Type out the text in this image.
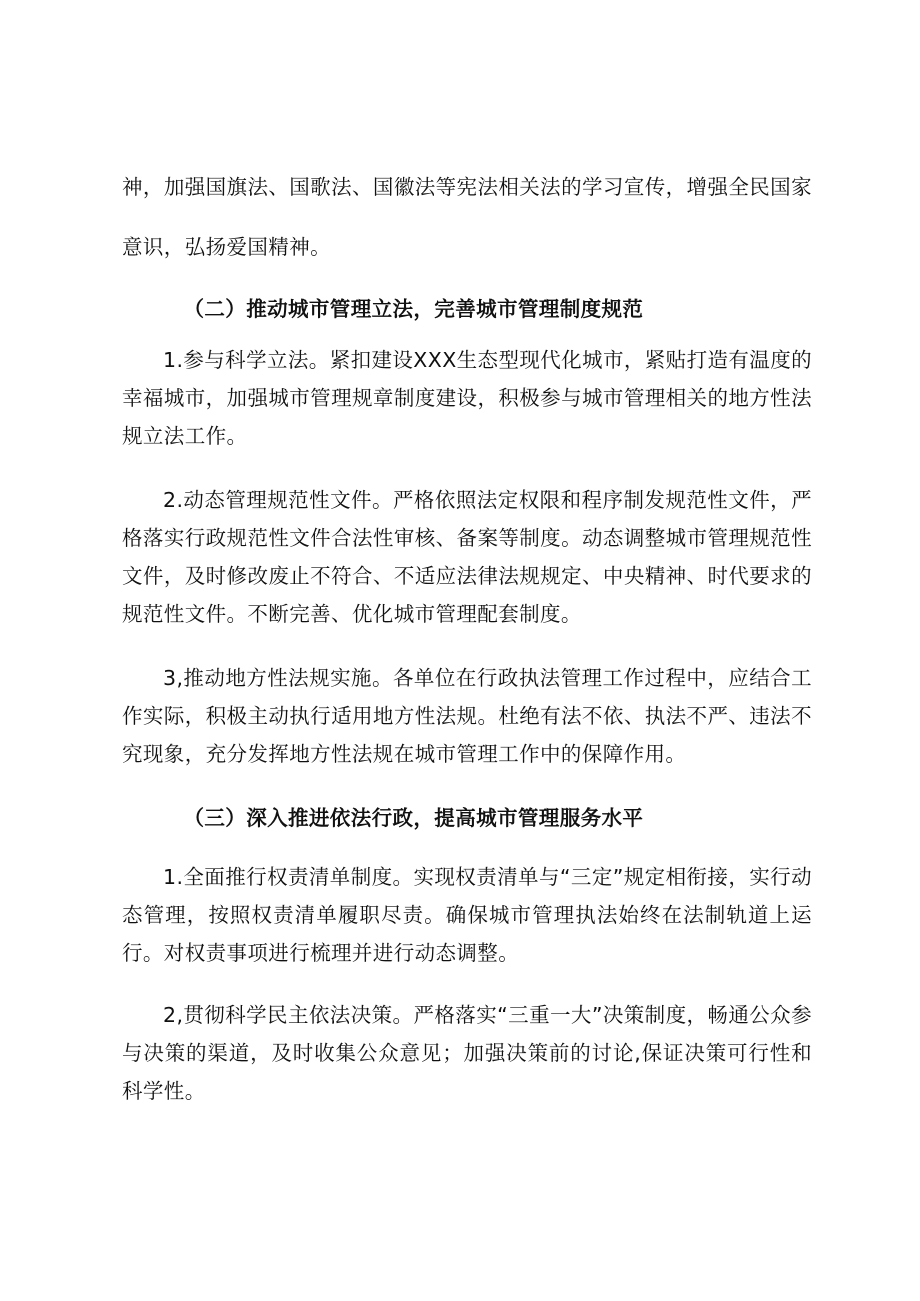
神，加强国旗法、国歌法、国徽法等宪法相关法的学习宣传，增强全民国家意识，弘扬爱国精神。

（二）推动城市管理立法，完善城市管理制度规范

1.参与科学立法。紧扣建设XXX生态型现代化城市，紧贴打造有温度的幸福城市，加强城市管理规章制度建设，积极参与城市管理相关的地方性法规立法工作。

2.动态管理规范性文件。严格依照法定权限和程序制发规范性文件，严格落实行政规范性文件合法性审核、备案等制度。动态调整城市管理规范性文件，及时修改废止不符合、不适应法律法规规定、中央精神、时代要求的规范性文件。不断完善、优化城市管理配套制度。

3,推动地方性法规实施。各单位在行政执法管理工作过程中，应结合工作实际，积极主动执行适用地方性法规。杜绝有法不依、执法不严、违法不究现象，充分发挥地方性法规在城市管理工作中的保障作用。

（三）深入推进依法行政，提高城市管理服务水平

1.全面推行权责清单制度。实现权责清单与“三定”规定相衔接，实行动态管理，按照权责清单履职尽责。确保城市管理执法始终在法制轨道上运行。对权责事项进行梳理并进行动态调整。

2,贯彻科学民主依法决策。严格落实“三重一大”决策制度，畅通公众参与决策的渠道，及时收集公众意见；加强决策前的讨论,保证决策可行性和科学性。
